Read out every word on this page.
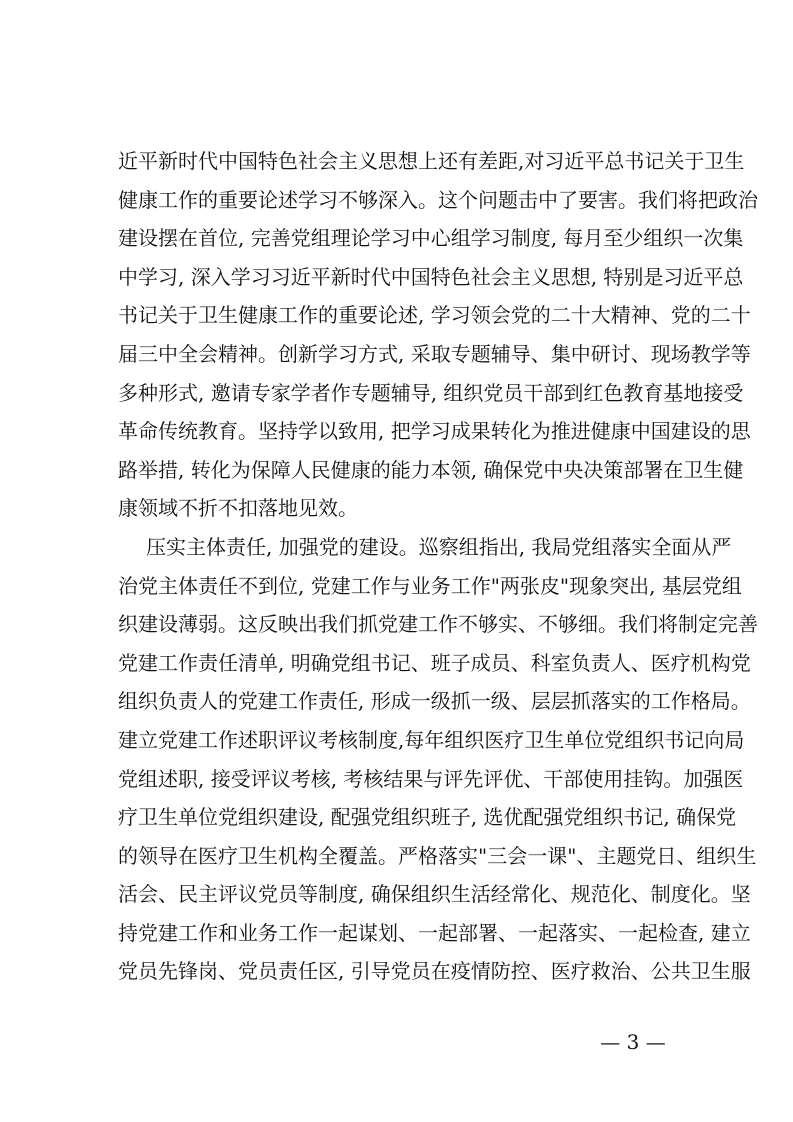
近平新时代中国特色社会主义思想上还有差距,对习近平总书记关于卫生
健康工作的重要论述学习不够深入。这个问题击中了要害。我们将把政治
建设摆在首位, 完善党组理论学习中心组学习制度, 每月至少组织一次集
中学习, 深入学习习近平新时代中国特色社会主义思想, 特别是习近平总
书记关于卫生健康工作的重要论述, 学习领会党的二十大精神、党的二十
届三中全会精神。创新学习方式, 采取专题辅导、集中研讨、现场教学等
多种形式, 邀请专家学者作专题辅导, 组织党员干部到红色教育基地接受
革命传统教育。坚持学以致用, 把学习成果转化为推进健康中国建设的思
路举措, 转化为保障人民健康的能力本领, 确保党中央决策部署在卫生健
康领域不折不扣落地见效。
压实主体责任, 加强党的建设。巡察组指出, 我局党组落实全面从严
治党主体责任不到位, 党建工作与业务工作"两张皮"现象突出, 基层党组
织建设薄弱。这反映出我们抓党建工作不够实、不够细。我们将制定完善
党建工作责任清单, 明确党组书记、班子成员、科室负责人、医疗机构党
组织负责人的党建工作责任, 形成一级抓一级、层层抓落实的工作格局。
建立党建工作述职评议考核制度,每年组织医疗卫生单位党组织书记向局
党组述职, 接受评议考核, 考核结果与评先评优、干部使用挂钩。加强医
疗卫生单位党组织建设, 配强党组织班子, 选优配强党组织书记, 确保党
的领导在医疗卫生机构全覆盖。严格落实"三会一课"、主题党日、组织生
活会、民主评议党员等制度, 确保组织生活经常化、规范化、制度化。坚
持党建工作和业务工作一起谋划、一起部署、一起落实、一起检查, 建立
党员先锋岗、党员责任区, 引导党员在疫情防控、医疗救治、公共卫生服
— 3 —
